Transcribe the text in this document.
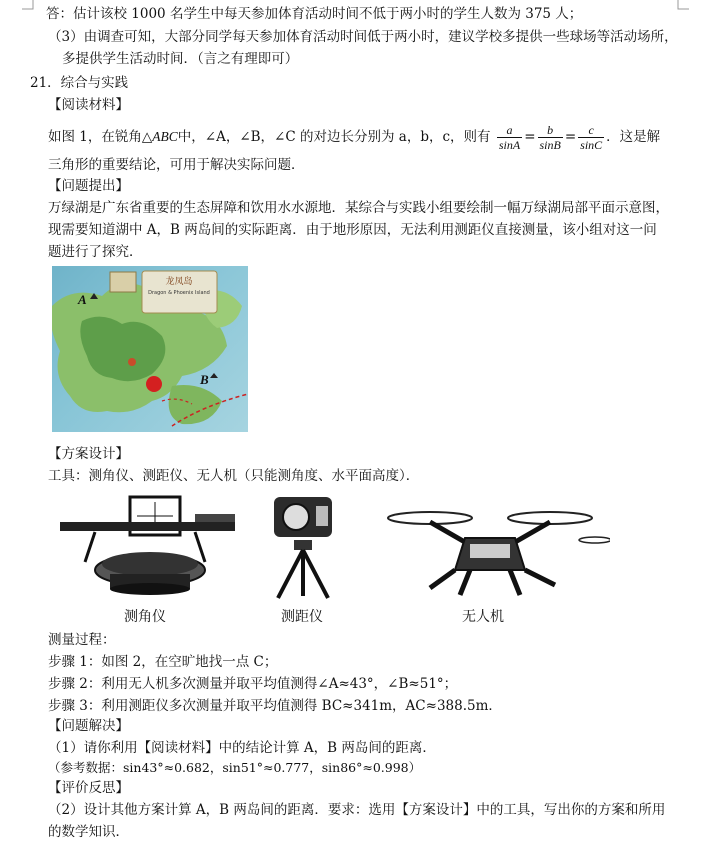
答：估计该校 1000 名学生中每天参加体育活动时间不低于两小时的学生人数为 375 人；
（3）由调查可知，大部分同学每天参加体育活动时间低于两小时，建议学校多提供一些球场等活动场所，
多提供学生活动时间．（言之有理即可）
21．综合与实践
【阅读材料】
如图 1，在锐角△ABC中，∠A，∠B，∠C 的对边长分别为 a，b，c，则有 $\frac{a}{\sin A} = \frac{b}{\sin B} = \frac{c}{\sin C}$ ．这是解
三角形的重要结论，可用于解决实际问题．
【问题提出】
万绿湖是广东省重要的生态屏障和饮用水水源地．某综合与实践小组要绘制一幅万绿湖局部平面示意图，
现需要知道湖中 A，B 两岛间的实际距离．由于地形原因，无法利用测距仪直接测量，该小组对这一问
题进行了探究．
龙凤岛
Dragon & Phoenix Island
A
B
【方案设计】
工具：测角仪、测距仪、无人机（只能测角度、水平面高度）．
测角仪	测距仪	无人机
测量过程：
步骤 1：如图 2，在空旷地找一点 C；
步骤 2：利用无人机多次测量并取平均值测得∠A≈43°，∠B≈51°；
步骤 3：利用测距仪多次测量并取平均值测得 BC≈341m，AC≈388.5m．
【问题解决】
（1）请你利用【阅读材料】中的结论计算 A，B 两岛间的距离．
（参考数据：sin43°≈0.682，sin51°≈0.777，sin86°≈0.998）
【评价反思】
（2）设计其他方案计算 A，B 两岛间的距离．要求：选用【方案设计】中的工具，写出你的方案和所用
的数学知识．
